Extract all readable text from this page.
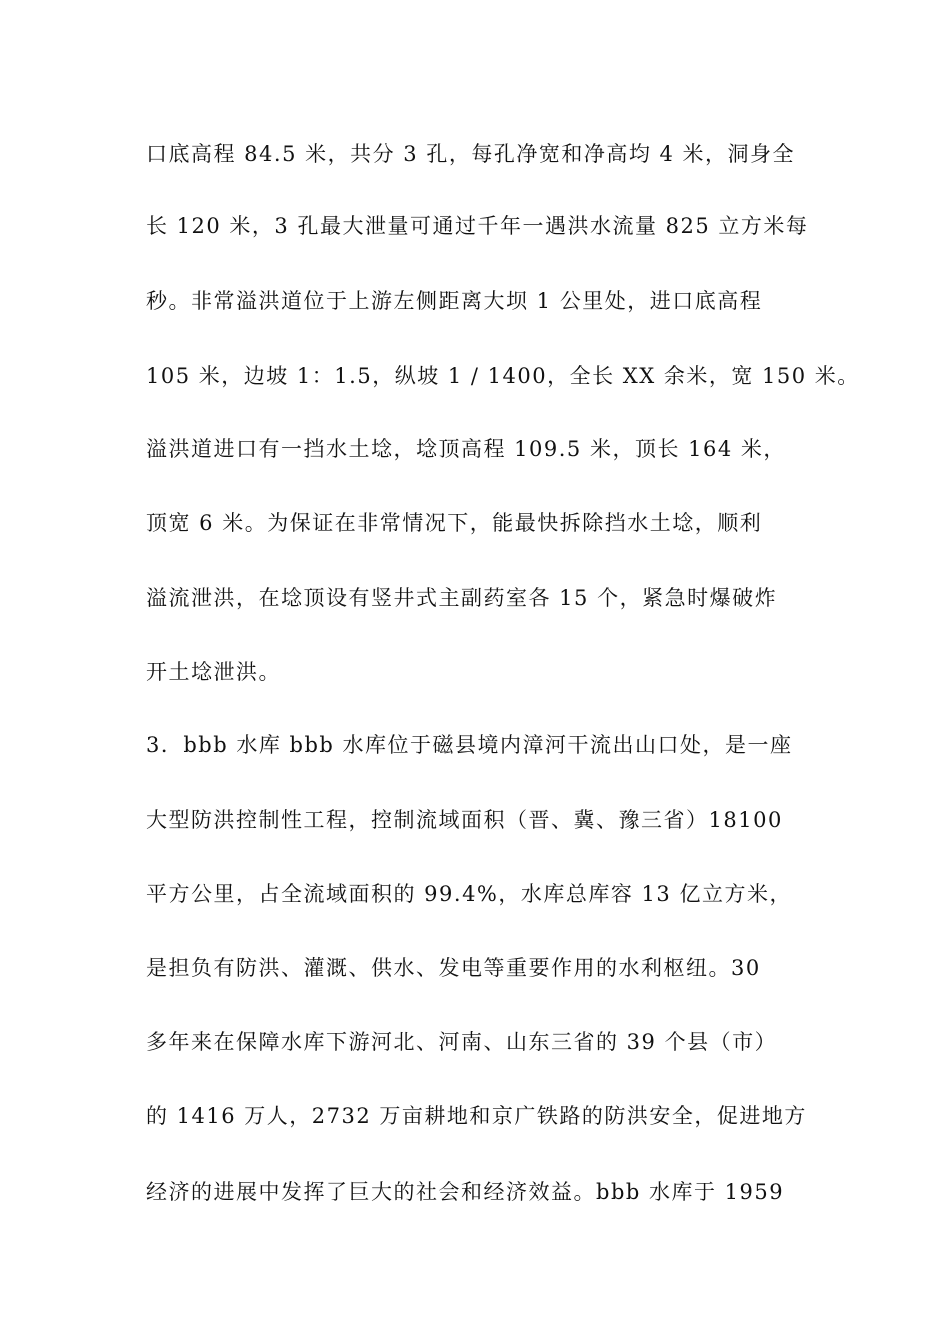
口底高程 84.5 米，共分 3 孔，每孔净宽和净高均 4 米，洞身全
长 120 米，3 孔最大泄量可通过千年一遇洪水流量 825 立方米每
秒。非常溢洪道位于上游左侧距离大坝 1 公里处，进口底高程
105 米，边坡 1：1.5，纵坡 1 / 1400，全长 XX 余米，宽 150 米。
溢洪道进口有一挡水土埝，埝顶高程 109.5 米，顶长 164 米，
顶宽 6 米。为保证在非常情况下，能最快拆除挡水土埝，顺利
溢流泄洪，在埝顶设有竖井式主副药室各 15 个，紧急时爆破炸
开土埝泄洪。
3．bbb 水库 bbb 水库位于磁县境内漳河干流出山口处，是一座
大型防洪控制性工程，控制流域面积（晋、冀、豫三省）18100
平方公里，占全流域面积的 99.4%，水库总库容 13 亿立方米，
是担负有防洪、灌溉、供水、发电等重要作用的水利枢纽。30
多年来在保障水库下游河北、河南、山东三省的 39 个县（市）
的 1416 万人，2732 万亩耕地和京广铁路的防洪安全，促进地方
经济的进展中发挥了巨大的社会和经济效益。bbb 水库于 1959
